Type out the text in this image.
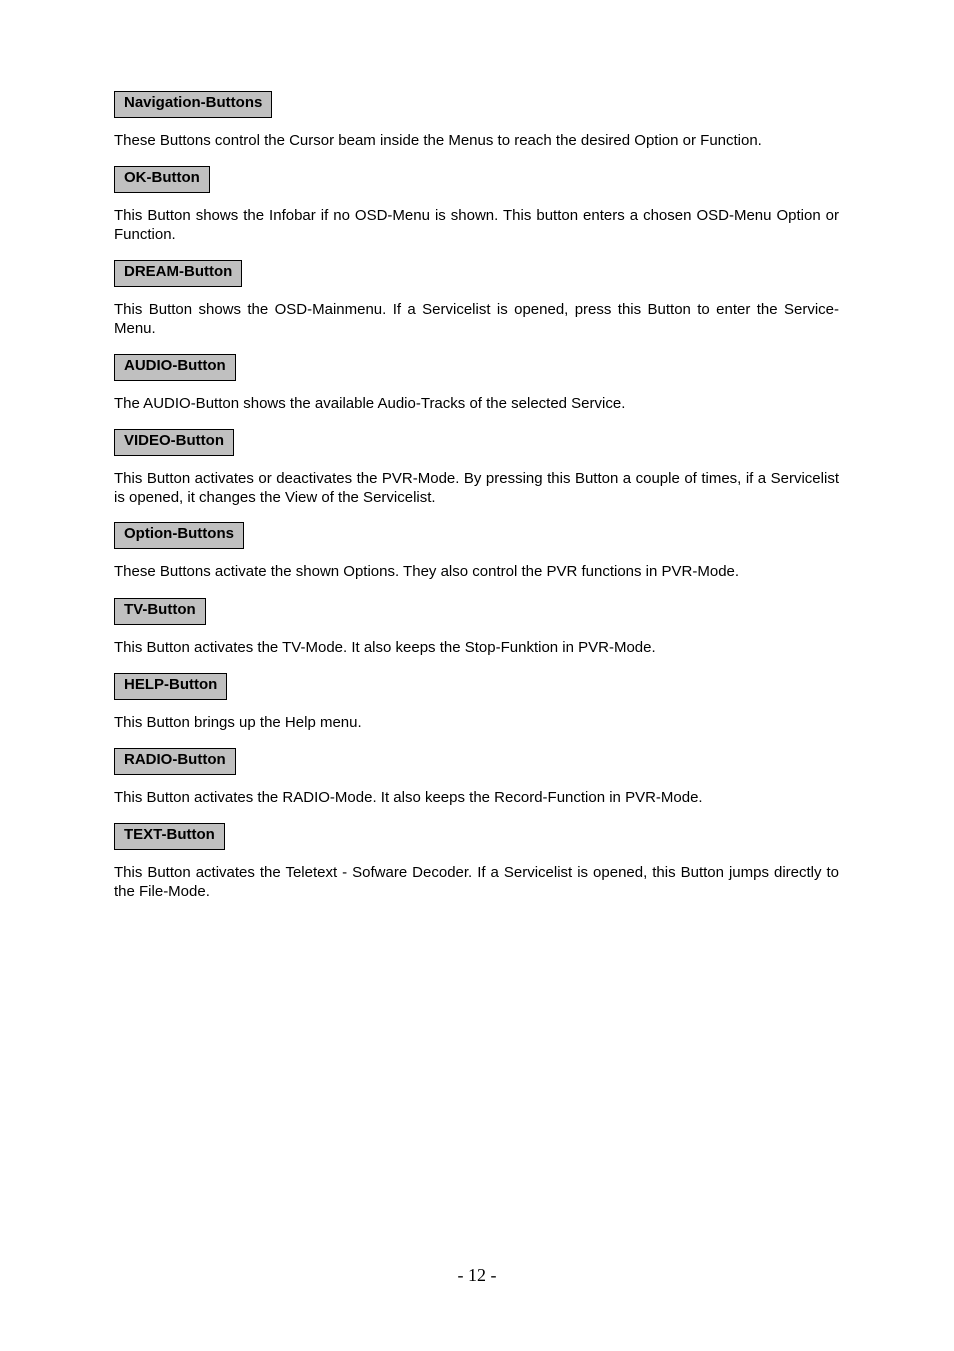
Navigation-Buttons

These Buttons control the Cursor beam inside the Menus to reach the desired Option or Function.

OK-Button

This Button shows the Infobar if no OSD-Menu is shown. This button enters a chosen OSD-Menu Option or Function.

DREAM-Button

This Button shows the OSD-Mainmenu. If a Servicelist is opened, press this Button to enter the Service-Menu.

AUDIO-Button

The AUDIO-Button shows the available Audio-Tracks of the selected Service.

VIDEO-Button

This Button activates or deactivates the PVR-Mode. By pressing this Button a couple of times, if a Servicelist is opened, it changes the View of the Servicelist.

Option-Buttons

These Buttons activate the shown Options. They also control the PVR functions in PVR-Mode.

TV-Button

This Button activates the TV-Mode. It also keeps the Stop-Funktion in PVR-Mode.

HELP-Button

This Button brings up the Help menu.

RADIO-Button

This Button activates the RADIO-Mode. It also keeps the Record-Function in PVR-Mode.

TEXT-Button

This Button activates the Teletext - Sofware Decoder. If a Servicelist is opened, this Button jumps directly to the File-Mode.

- 12 -
